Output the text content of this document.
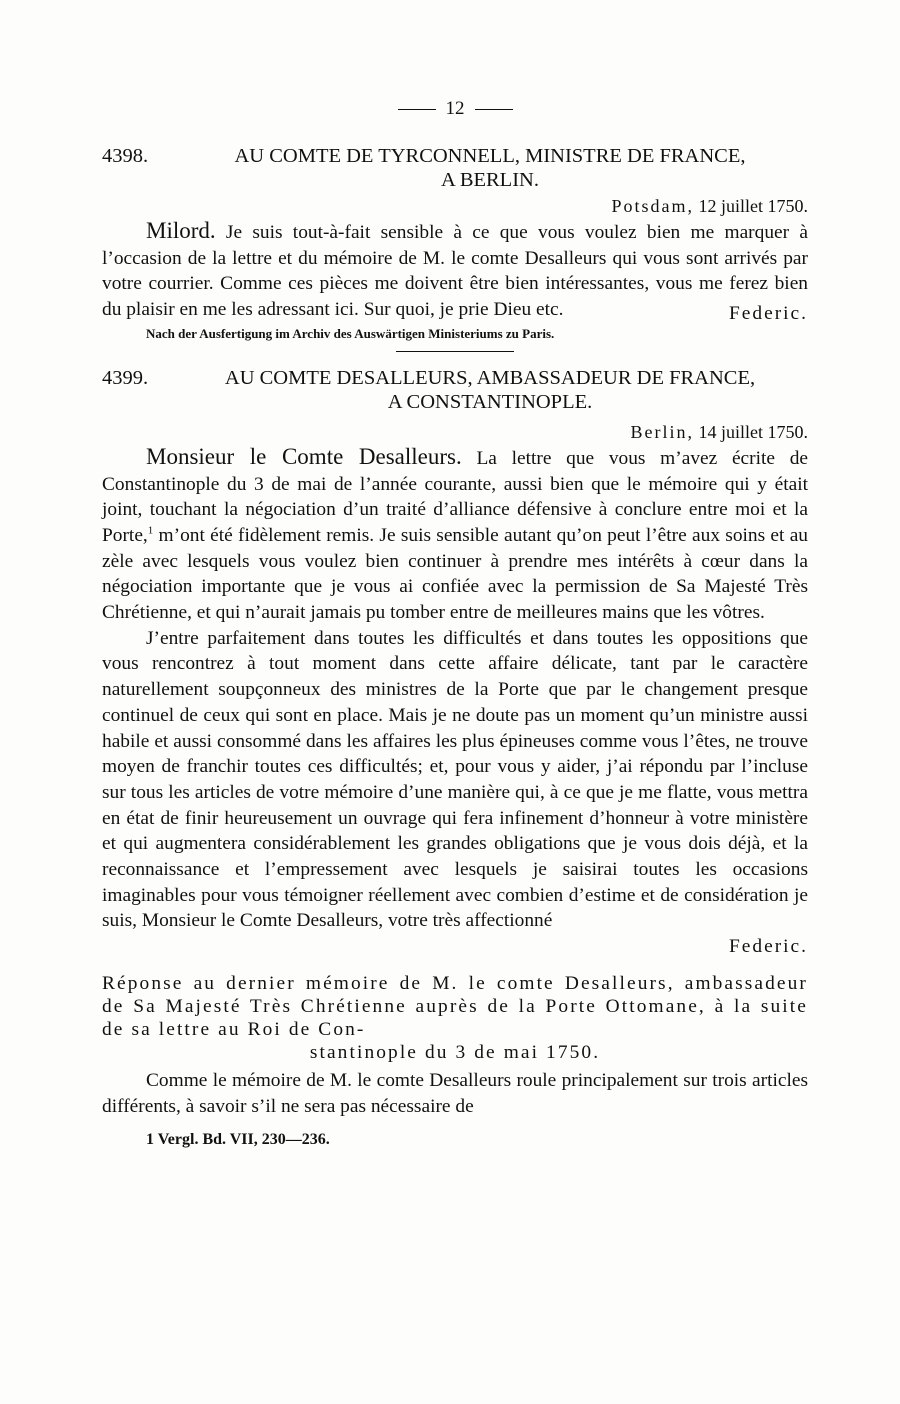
12
4398.	AU COMTE DE TYRCONNELL, MINISTRE DE FRANCE,
A BERLIN.
Potsdam, 12 juillet 1750.

Milord. Je suis tout-à-fait sensible à ce que vous voulez bien me marquer à l’occasion de la lettre et du mémoire de M. le comte Desalleurs qui vous sont arrivés par votre courrier. Comme ces pièces me doivent être bien intéressantes, vous me ferez bien du plaisir en me les adressant ici. Sur quoi, je prie Dieu etc.	Federic.

Nach der Ausfertigung im Archiv des Auswärtigen Ministeriums zu Paris.
4399.	AU COMTE DESALLEURS, AMBASSADEUR DE FRANCE,
A CONSTANTINOPLE.
Berlin, 14 juillet 1750.

Monsieur le Comte Desalleurs. La lettre que vous m’avez écrite de Constantinople du 3 de mai de l’année courante, aussi bien que le mémoire qui y était joint, touchant la négociation d’un traité d’alliance défensive à conclure entre moi et la Porte,$^1$ m’ont été fidèlement remis. Je suis sensible autant qu’on peut l’être aux soins et au zèle avec lesquels vous voulez bien continuer à prendre mes intérêts à cœur dans la négociation importante que je vous ai confiée avec la permission de Sa Majesté Très Chrétienne, et qui n’aurait jamais pu tomber entre de meilleures mains que les vôtres.

J’entre parfaitement dans toutes les difficultés et dans toutes les oppositions que vous rencontrez à tout moment dans cette affaire délicate, tant par le caractère naturellement soupçonneux des ministres de la Porte que par le changement presque continuel de ceux qui sont en place. Mais je ne doute pas un moment qu’un ministre aussi habile et aussi consommé dans les affaires les plus épineuses comme vous l’êtes, ne trouve moyen de franchir toutes ces difficultés; et, pour vous y aider, j’ai répondu par l’incluse sur tous les articles de votre mémoire d’une manière qui, à ce que je me flatte, vous mettra en état de finir heureusement un ouvrage qui fera infinement d’honneur à votre ministère et qui augmentera considérablement les grandes obligations que je vous dois déjà, et la reconnaissance et l’empressement avec lesquels je saisirai toutes les occasions imaginables pour vous témoigner réellement avec combien d’estime et de considération je suis, Monsieur le Comte Desalleurs, votre très affectionné

Federic.
Réponse au dernier mémoire de M. le comte Desalleurs, ambassadeur de Sa Majesté Très Chrétienne auprès de la Porte Ottomane, à la suite de sa lettre au Roi de Con-
stantinople du 3 de mai 1750.

Comme le mémoire de M. le comte Desalleurs roule principalement sur trois articles différents, à savoir s’il ne sera pas nécessaire de

1 Vergl. Bd. VII, 230—236.
